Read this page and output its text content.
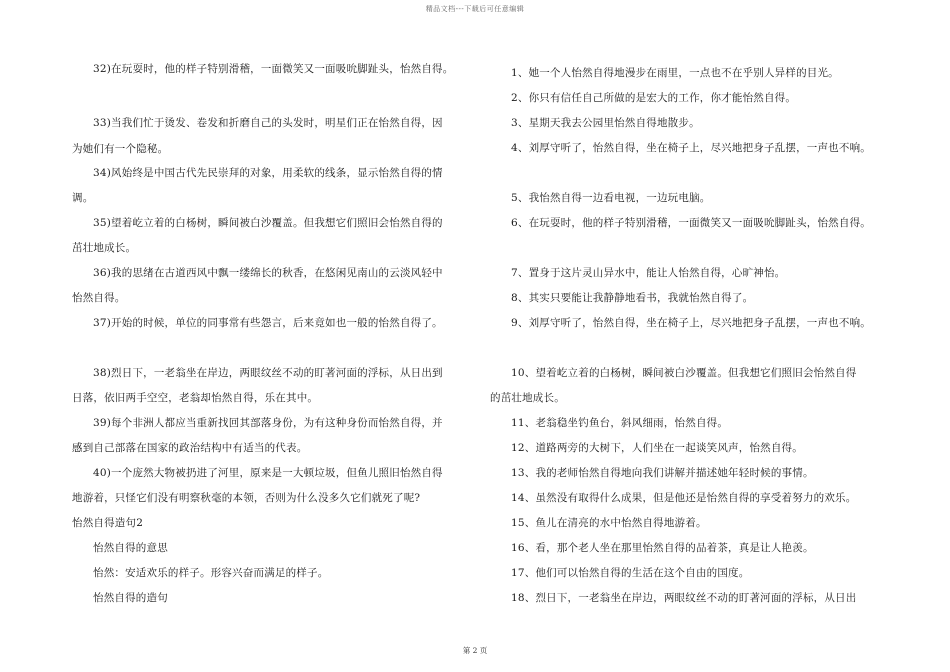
精品文档---下载后可任意编辑
32)在玩耍时，他的样子特别滑稽，一面微笑又一面吸吮脚趾头，怡然自得。
33)当我们忙于烫发、卷发和折磨自己的头发时，明星们正在怡然自得，因
为她们有一个隐秘。
34)风始终是中国古代先民崇拜的对象，用柔软的线条，显示怡然自得的情
调。
35)望着屹立着的白杨树，瞬间被白沙覆盖。但我想它们照旧会怡然自得的
茁壮地成长。
36)我的思绪在古道西风中飘一缕绵长的秋香，在悠闲见南山的云淡风轻中
怡然自得。
37)开始的时候，单位的同事常有些怨言，后来竟如也一般的怡然自得了。
38)烈日下，一老翁坐在岸边，两眼纹丝不动的盯著河面的浮标，从日出到
日落，依旧两手空空，老翁却怡然自得，乐在其中。
39)每个非洲人都应当重新找回其部落身份，为有这种身份而怡然自得，并
感到自己部落在国家的政治结构中有适当的代表。
40)一个庞然大物被扔进了河里，原来是一大顿垃圾，但鱼儿照旧怡然自得
地游着，只怪它们没有明察秋毫的本领，否则为什么没多久它们就死了呢?
怡然自得造句2
怡然自得的意思
怡然：安适欢乐的样子。形容兴奋而满足的样子。
怡然自得的造句
1、她一个人怡然自得地漫步在雨里，一点也不在乎别人异样的目光。
2、你只有信任自己所做的是宏大的工作，你才能怡然自得。
3、星期天我去公园里怡然自得地散步。
4、刘厚守听了，怡然自得，坐在椅子上，尽兴地把身子乱摆，一声也不响。
5、我怡然自得一边看电视，一边玩电脑。
6、在玩耍时，他的样子特别滑稽，一面微笑又一面吸吮脚趾头，怡然自得。
7、置身于这片灵山异水中，能让人怡然自得，心旷神怡。
8、其实只要能让我静静地看书，我就怡然自得了。
9、刘厚守听了，怡然自得，坐在椅子上，尽兴地把身子乱摆，一声也不响。
10、望着屹立着的白杨树，瞬间被白沙覆盖。但我想它们照旧会怡然自得
的茁壮地成长。
11、老翁稳坐钓鱼台，斜风细雨，怡然自得。
12、道路两旁的大树下，人们坐在一起谈笑风声，怡然自得。
13、我的老师怡然自得地向我们讲解并描述她年轻时候的事情。
14、虽然没有取得什么成果，但是他还是怡然自得的享受着努力的欢乐。
15、鱼儿在清亮的水中怡然自得地游着。
16、看，那个老人坐在那里怡然自得的品着茶，真是让人艳羡。
17、他们可以怡然自得的生活在这个自由的国度。
18、烈日下，一老翁坐在岸边，两眼纹丝不动的盯著河面的浮标，从日出
第 2 页
